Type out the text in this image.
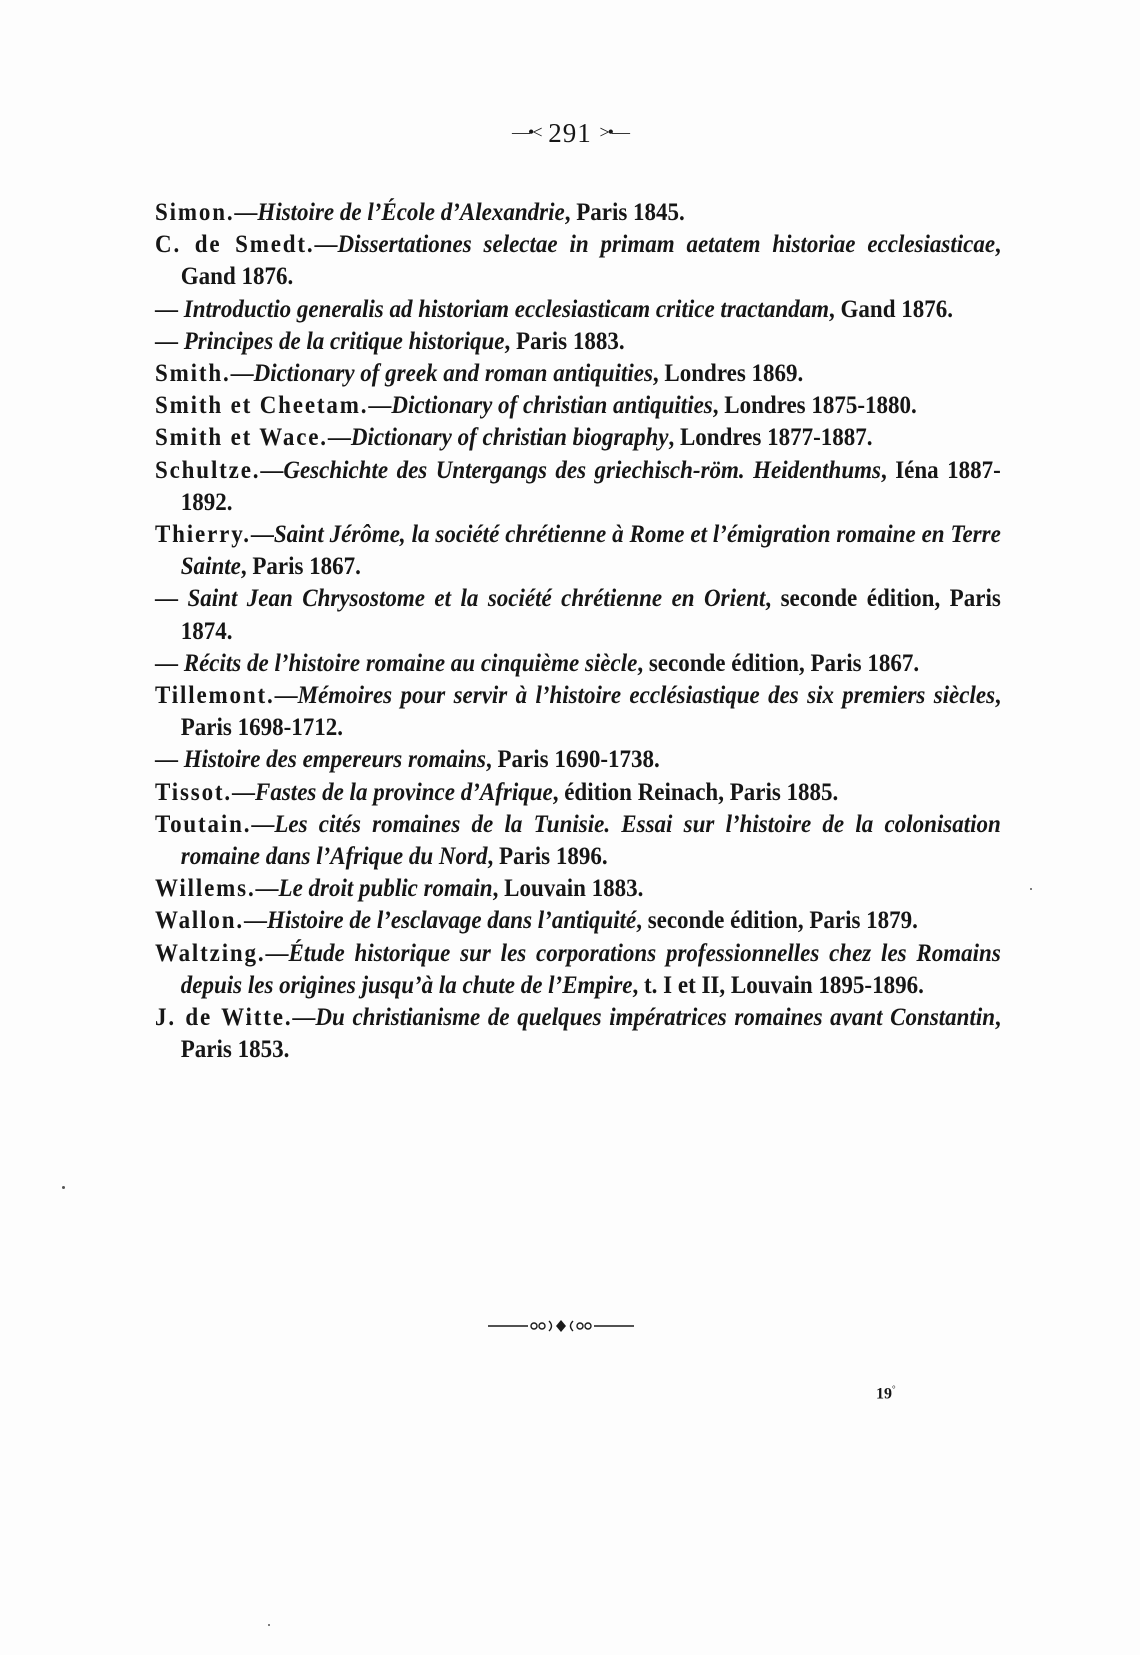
—•< 291 >•—
Simon.—Histoire de l’École d’Alexandrie, Paris 1845.
C. de Smedt.—Dissertationes selectae in primam aetatem historiae ecclesiasticae, Gand 1876.
— Introductio generalis ad historiam ecclesiasticam critice tractandam, Gand 1876.
— Principes de la critique historique, Paris 1883.
Smith.—Dictionary of greek and roman antiquities, Londres 1869.
Smith et Cheetam.—Dictionary of christian antiquities, Londres 1875-1880.
Smith et Wace.—Dictionary of christian biography, Londres 1877-1887.
Schultze.—Geschichte des Untergangs des griechisch-röm. Heidenthums, Iéna 1887-1892.
Thierry.—Saint Jérôme, la société chrétienne à Rome et l’émigration romaine en Terre Sainte, Paris 1867.
— Saint Jean Chrysostome et la société chrétienne en Orient, seconde édition, Paris 1874.
— Récits de l’histoire romaine au cinquième siècle, seconde édition, Paris 1867.
Tillemont.—Mémoires pour servir à l’histoire ecclésiastique des six premiers siècles, Paris 1698-1712.
— Histoire des empereurs romains, Paris 1690-1738.
Tissot.—Fastes de la province d’Afrique, édition Reinach, Paris 1885.
Toutain.—Les cités romaines de la Tunisie. Essai sur l’histoire de la colonisation romaine dans l’Afrique du Nord, Paris 1896.
Willems.—Le droit public romain, Louvain 1883.
Wallon.—Histoire de l’esclavage dans l’antiquité, seconde édition, Paris 1879.
Waltzing.—Étude historique sur les corporations professionnelles chez les Romains depuis les origines jusqu’à la chute de l’Empire, t. I et II, Louvain 1895-1896.
J. de Witte.—Du christianisme de quelques impératrices romaines avant Constantin, Paris 1853.
19°
